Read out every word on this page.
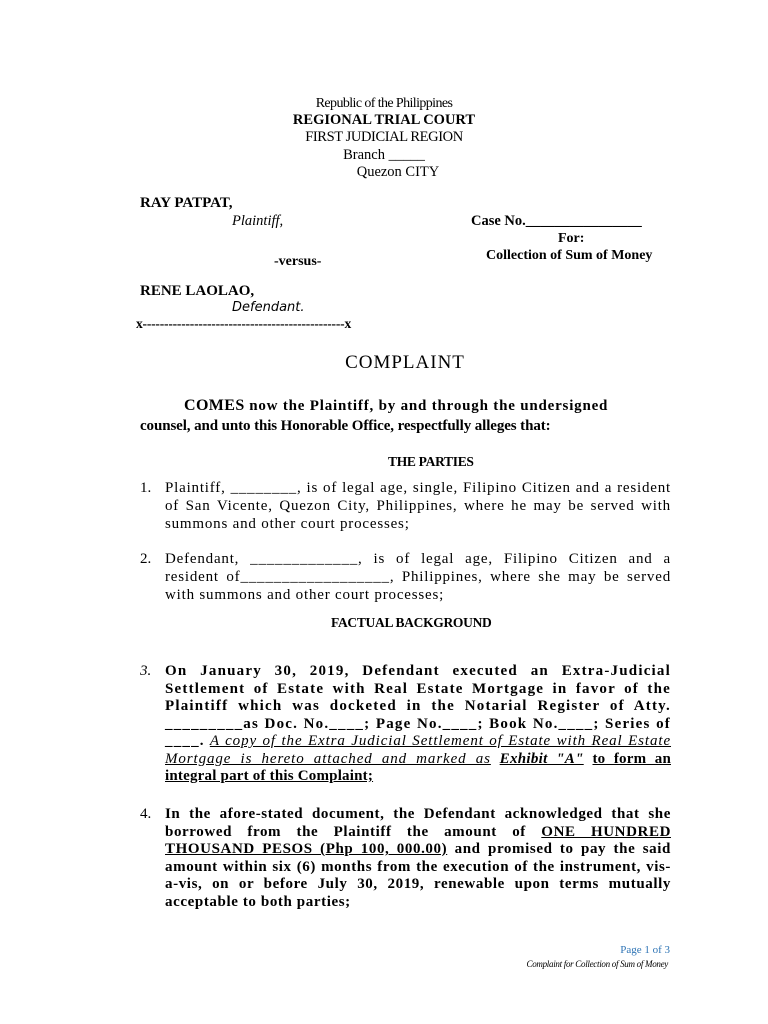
Republic of the Philippines
REGIONAL TRIAL COURT
FIRST JUDICIAL REGION
Branch _____
Quezon CITY
RAY PATPAT,
Plaintiff,	Case No.________________
For:
-versus-	Collection of Sum of Money
RENE LAOLAO,
Defendant.
x-----------------------------------------------x
COMPLAINT
COMES now the Plaintiff, by and through the undersigned
counsel, and unto this Honorable Office, respectfully alleges that:
THE PARTIES
1. Plaintiff, ________, is of legal age, single, Filipino Citizen and a resident of San Vicente, Quezon City, Philippines, where he may be served with summons and other court processes;
2. Defendant, _____________, is of legal age, Filipino Citizen and a resident of__________________, Philippines, where she may be served with summons and other court processes;
FACTUAL BACKGROUND
3. On January 30, 2019, Defendant executed an Extra-Judicial Settlement of Estate with Real Estate Mortgage in favor of the Plaintiff which was docketed in the Notarial Register of Atty. _________as Doc. No.____; Page No.____; Book No.____; Series of ____. A copy of the Extra Judicial Settlement of Estate with Real Estate Mortgage is hereto attached and marked as Exhibit "A" to form an integral part of this Complaint;
4. In the afore-stated document, the Defendant acknowledged that she borrowed from the Plaintiff the amount of ONE HUNDRED THOUSAND PESOS (Php 100, 000.00) and promised to pay the said amount within six (6) months from the execution of the instrument, vis-a-vis, on or before July 30, 2019, renewable upon terms mutually acceptable to both parties;
Page 1 of 3
Complaint for Collection of Sum of Money
